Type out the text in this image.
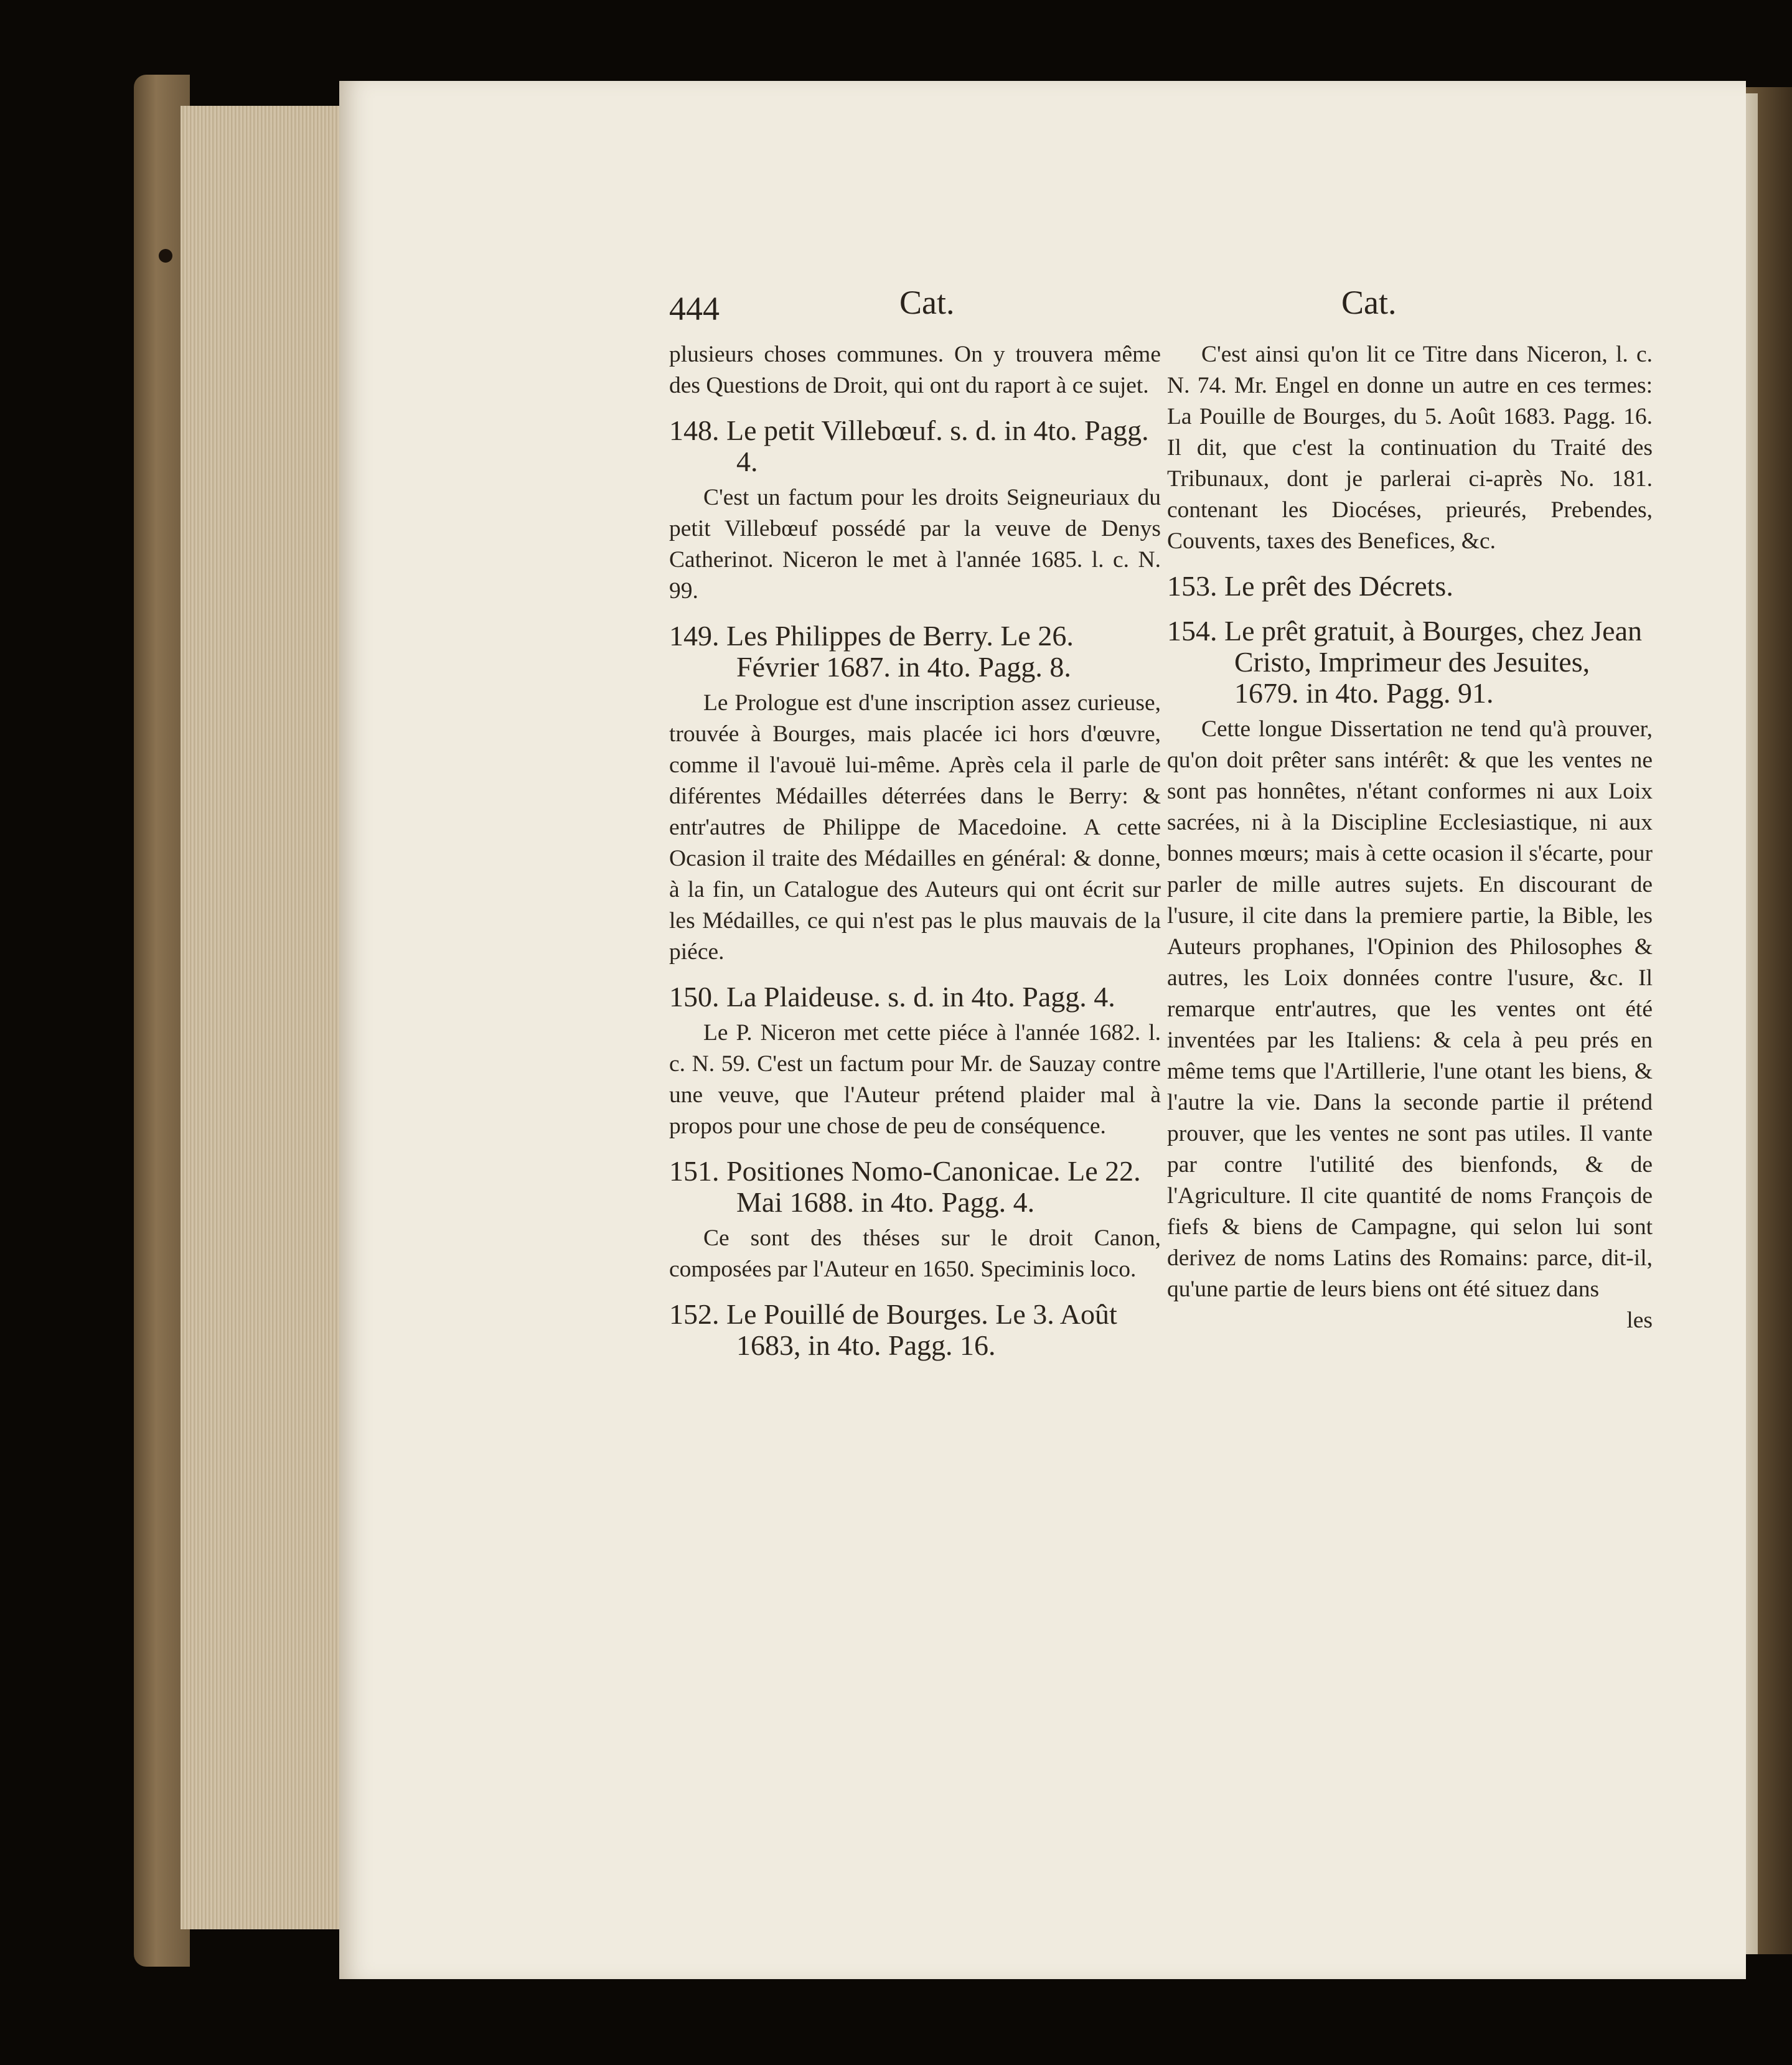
444	Cat.	Cat.

plusieurs choses communes. On y trouvera même des Questions de Droit, qui ont du raport à ce sujet.

148. Le petit Villebœuf. s. d. in 4to. Pagg. 4.

C'est un factum pour les droits Seigneuriaux du petit Villebœuf possédé par la veuve de Denys Catherinot. Niceron le met à l'année 1685. l. c. N. 99.

149. Les Philippes de Berry. Le 26. Février 1687. in 4to. Pagg. 8.

Le Prologue est d'une inscription assez curieuse, trouvée à Bourges, mais placée ici hors d'œuvre, comme il l'avouë lui-même. Après cela il parle de diférentes Médailles déterrées dans le Berry: & entr'autres de Philippe de Macedoine. A cette Ocasion il traite des Médailles en général: & donne, à la fin, un Catalogue des Auteurs qui ont écrit sur les Médailles, ce qui n'est pas le plus mauvais de la piéce.

150. La Plaideuse. s. d. in 4to. Pagg. 4.

Le P. Niceron met cette piéce à l'année 1682. l. c. N. 59. C'est un factum pour Mr. de Sauzay contre une veuve, que l'Auteur prétend plaider mal à propos pour une chose de peu de conséquence.

151. Positiones Nomo-Canonicae. Le 22. Mai 1688. in 4to. Pagg. 4.

Ce sont des théses sur le droit Canon, composées par l'Auteur en 1650. Speciminis loco.

152. Le Pouillé de Bourges. Le 3. Août 1683, in 4to. Pagg. 16.

C'est ainsi qu'on lit ce Titre dans Niceron, l. c. N. 74. Mr. Engel en donne un autre en ces termes: La Pouille de Bourges, du 5. Août 1683. Pagg. 16. Il dit, que c'est la continuation du Traité des Tribunaux, dont je parlerai ci-après No. 181. contenant les Diocéses, prieurés, Prebendes, Couvents, taxes des Benefices, &c.

153. Le prêt des Décrets.

154. Le prêt gratuit, à Bourges, chez Jean Cristo, Imprimeur des Jesuites, 1679. in 4to. Pagg. 91.

Cette longue Dissertation ne tend qu'à prouver, qu'on doit prêter sans intérêt: & que les ventes ne sont pas honnêtes, n'étant conformes ni aux Loix sacrées, ni à la Discipline Ecclesiastique, ni aux bonnes mœurs; mais à cette ocasion il s'écarte, pour parler de mille autres sujets. En discourant de l'usure, il cite dans la premiere partie, la Bible, les Auteurs prophanes, l'Opinion des Philosophes & autres, les Loix données contre l'usure, &c. Il remarque entr'autres, que les ventes ont été inventées par les Italiens: & cela à peu prés en même tems que l'Artillerie, l'une otant les biens, & l'autre la vie. Dans la seconde partie il prétend prouver, que les ventes ne sont pas utiles. Il vante par contre l'utilité des bienfonds, & de l'Agriculture. Il cite quantité de noms François de fiefs & biens de Campagne, qui selon lui sont derivez de noms Latins des Romains: parce, dit-il, qu'une partie de leurs biens ont été situez dans

les
